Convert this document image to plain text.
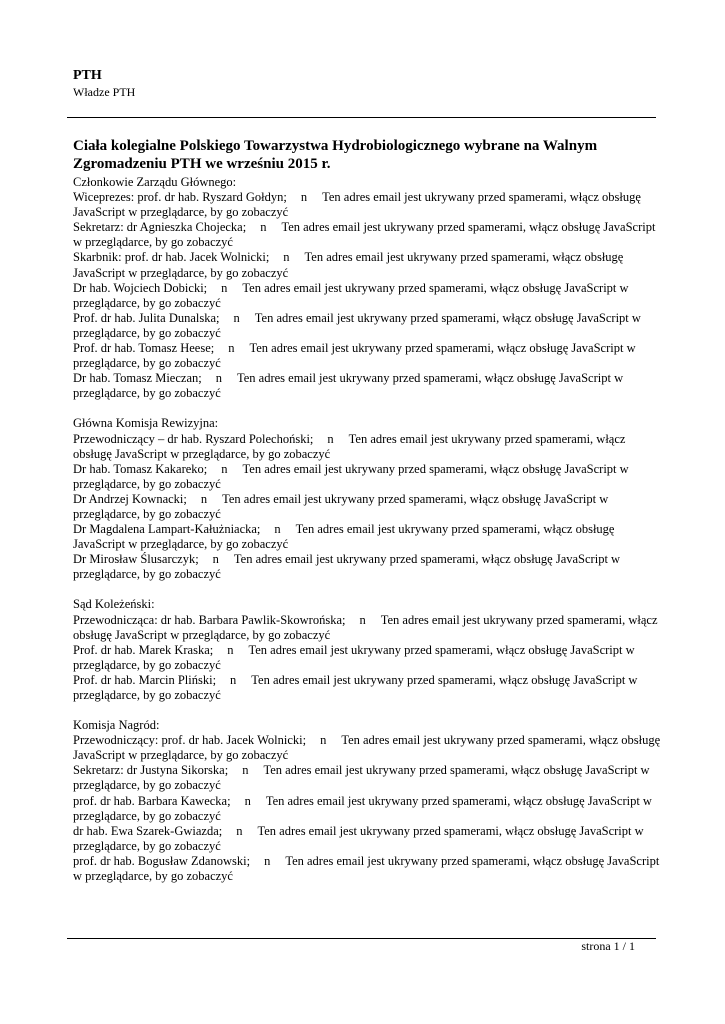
PTH
Władze PTH
Ciała kolegialne Polskiego Towarzystwa Hydrobiologicznego wybrane na Walnym Zgromadzeniu PTH we wrześniu 2015 r.

Członkowie Zarządu Głównego:

Wiceprezes: prof. dr hab. Ryszard Gołdyn; n Ten adres email jest ukrywany przed spamerami, włącz obsługę JavaScript w przeglądarce, by go zobaczyć

Sekretarz: dr Agnieszka Chojecka; n Ten adres email jest ukrywany przed spamerami, włącz obsługę JavaScript w przeglądarce, by go zobaczyć

Skarbnik: prof. dr hab. Jacek Wolnicki; n Ten adres email jest ukrywany przed spamerami, włącz obsługę JavaScript w przeglądarce, by go zobaczyć

Dr hab. Wojciech Dobicki; n Ten adres email jest ukrywany przed spamerami, włącz obsługę JavaScript w przeglądarce, by go zobaczyć

Prof. dr hab. Julita Dunalska; n Ten adres email jest ukrywany przed spamerami, włącz obsługę JavaScript w przeglądarce, by go zobaczyć

Prof. dr hab. Tomasz Heese; n Ten adres email jest ukrywany przed spamerami, włącz obsługę JavaScript w przeglądarce, by go zobaczyć

Dr hab. Tomasz Mieczan; n Ten adres email jest ukrywany przed spamerami, włącz obsługę JavaScript w przeglądarce, by go zobaczyć

Główna Komisja Rewizyjna:

Przewodniczący – dr hab. Ryszard Polechoński; n Ten adres email jest ukrywany przed spamerami, włącz obsługę JavaScript w przeglądarce, by go zobaczyć

Dr hab. Tomasz Kakareko; n Ten adres email jest ukrywany przed spamerami, włącz obsługę JavaScript w przeglądarce, by go zobaczyć

Dr Andrzej Kownacki; n Ten adres email jest ukrywany przed spamerami, włącz obsługę JavaScript w przeglądarce, by go zobaczyć

Dr Magdalena Lampart-Kałużniacka; n Ten adres email jest ukrywany przed spamerami, włącz obsługę JavaScript w przeglądarce, by go zobaczyć

Dr Mirosław Ślusarczyk; n Ten adres email jest ukrywany przed spamerami, włącz obsługę JavaScript w przeglądarce, by go zobaczyć

Sąd Koleżeński:

Przewodnicząca: dr hab. Barbara Pawlik-Skowrońska; n Ten adres email jest ukrywany przed spamerami, włącz obsługę JavaScript w przeglądarce, by go zobaczyć

Prof. dr hab. Marek Kraska; n Ten adres email jest ukrywany przed spamerami, włącz obsługę JavaScript w przeglądarce, by go zobaczyć

Prof. dr hab. Marcin Pliński; n Ten adres email jest ukrywany przed spamerami, włącz obsługę JavaScript w przeglądarce, by go zobaczyć

Komisja Nagród:

Przewodniczący: prof. dr hab. Jacek Wolnicki; n Ten adres email jest ukrywany przed spamerami, włącz obsługę JavaScript w przeglądarce, by go zobaczyć

Sekretarz: dr Justyna Sikorska; n Ten adres email jest ukrywany przed spamerami, włącz obsługę JavaScript w przeglądarce, by go zobaczyć

prof. dr hab. Barbara Kawecka; n Ten adres email jest ukrywany przed spamerami, włącz obsługę JavaScript w przeglądarce, by go zobaczyć

dr hab. Ewa Szarek-Gwiazda; n Ten adres email jest ukrywany przed spamerami, włącz obsługę JavaScript w przeglądarce, by go zobaczyć

prof. dr hab. Bogusław Zdanowski; n Ten adres email jest ukrywany przed spamerami, włącz obsługę JavaScript w przeglądarce, by go zobaczyć

strona 1 / 1
